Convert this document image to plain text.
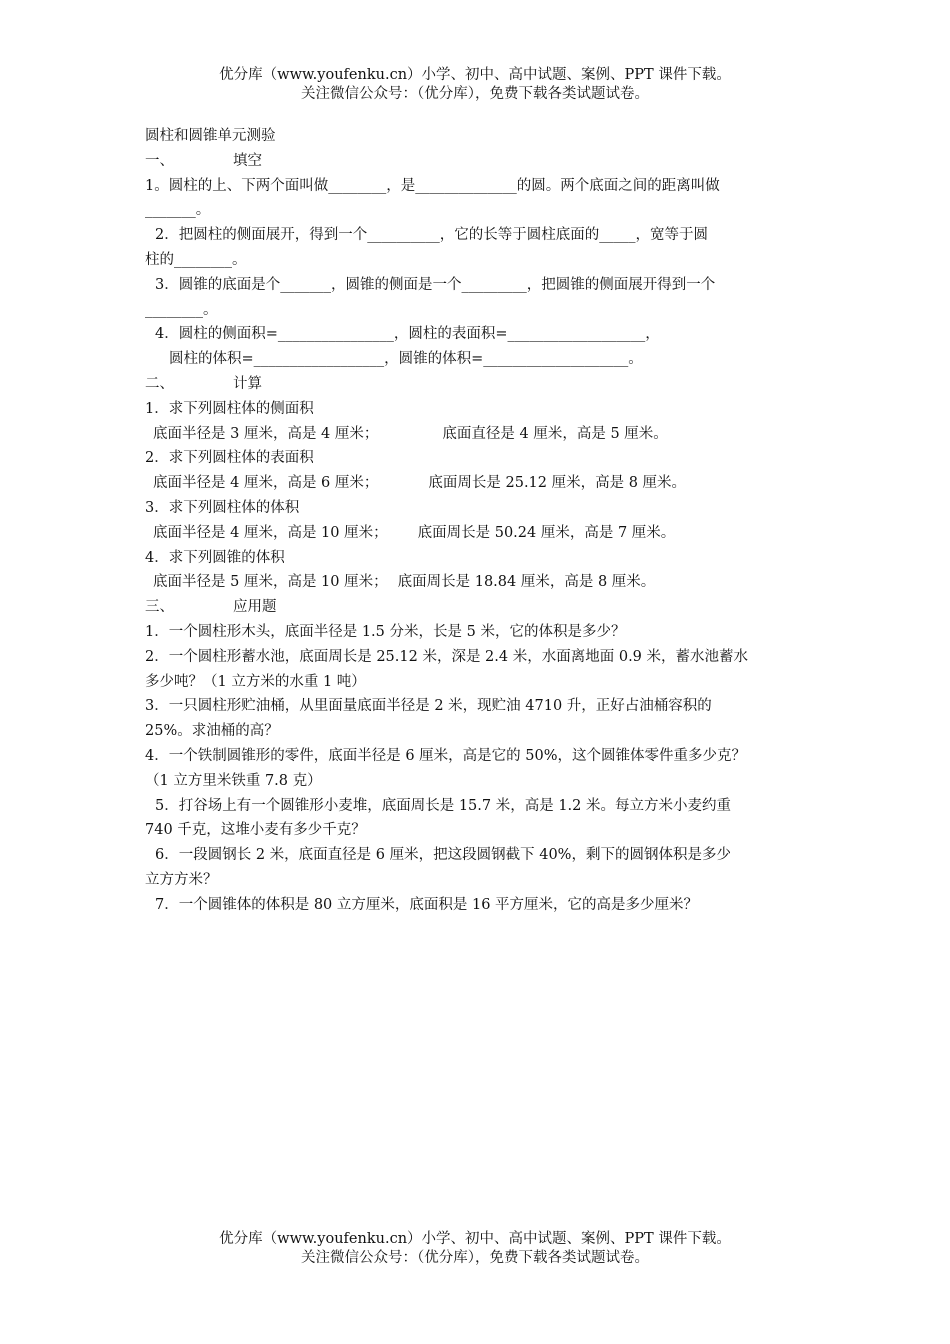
优分库（www.youfenku.cn）小学、初中、高中试题、案例、PPT 课件下载。
关注微信公众号：（优分库），免费下载各类试题试卷。
圆柱和圆锥单元测验
一、	填空
1。圆柱的上、下两个面叫做________，是______________的圆。两个底面之间的距离叫做
_______。
2．把圆柱的侧面展开，得到一个__________，它的长等于圆柱底面的_____，宽等于圆
柱的________。
3．圆锥的底面是个_______，圆锥的侧面是一个_________，把圆锥的侧面展开得到一个
________。
4．圆柱的侧面积=________________，圆柱的表面积=___________________，
圆柱的体积=__________________，圆锥的体积=____________________。
二、	计算
1．求下列圆柱体的侧面积
底面半径是 3 厘米，高是 4 厘米；	底面直径是 4 厘米，高是 5 厘米。
2．求下列圆柱体的表面积
底面半径是 4 厘米，高是 6 厘米；	底面周长是 25.12 厘米，高是 8 厘米。
3．求下列圆柱体的体积
底面半径是 4 厘米，高是 10 厘米； 底面周长是 50.24 厘米，高是 7 厘米。
4．求下列圆锥的体积
底面半径是 5 厘米，高是 10 厘米； 底面周长是 18.84 厘米，高是 8 厘米。
三、	应用题
1．一个圆柱形木头，底面半径是 1.5 分米，长是 5 米，它的体积是多少？
2．一个圆柱形蓄水池，底面周长是 25.12 米，深是 2.4 米，水面离地面 0.9 米，蓄水池蓄水
多少吨？（1 立方米的水重 1 吨）
3．一只圆柱形贮油桶，从里面量底面半径是 2 米，现贮油 4710 升，正好占油桶容积的
25%。求油桶的高？
4．一个铁制圆锥形的零件，底面半径是 6 厘米，高是它的 50%，这个圆锥体零件重多少克？
（1 立方里米铁重 7.8 克）
5．打谷场上有一个圆锥形小麦堆，底面周长是 15.7 米，高是 1.2 米。每立方米小麦约重
740 千克，这堆小麦有多少千克？
6．一段圆钢长 2 米，底面直径是 6 厘米，把这段圆钢截下 40%，剩下的圆钢体积是多少
立方方米？
7．一个圆锥体的体积是 80 立方厘米，底面积是 16 平方厘米，它的高是多少厘米？
优分库（www.youfenku.cn）小学、初中、高中试题、案例、PPT 课件下载。
关注微信公众号：（优分库），免费下载各类试题试卷。
